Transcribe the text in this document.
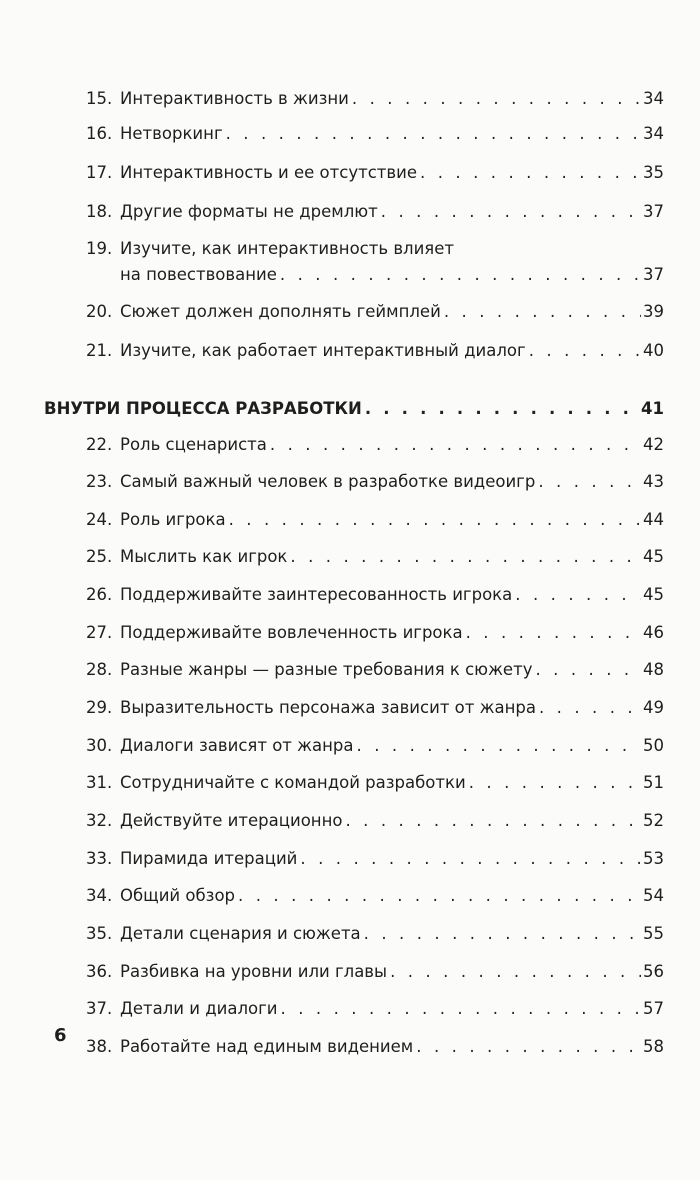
15. Интерактивность в жизни . . .	34
16. Нетворкинг . . .	34
17. Интерактивность и ее отсутствие . . .	35
18. Другие форматы не дремлют . . .	37
19. Изучите, как интерактивность влияет
на повествование . . .	37
20. Сюжет должен дополнять геймплей . . .	39
21. Изучите, как работает интерактивный диалог . . .	40
ВНУТРИ ПРОЦЕССА РАЗРАБОТКИ . . .	41
22. Роль сценариста . . .	42
23. Самый важный человек в разработке видеоигр . . .	43
24. Роль игрока . . .	44
25. Мыслить как игрок . . .	45
26. Поддерживайте заинтересованность игрока . . .	45
27. Поддерживайте вовлеченность игрока . . .	46
28. Разные жанры — разные требования к сюжету . . .	48
29. Выразительность персонажа зависит от жанра . . .	49
30. Диалоги зависят от жанра . . .	50
31. Сотрудничайте с командой разработки . . .	51
32. Действуйте итерационно . . .	52
33. Пирамида итераций . . .	53
34. Общий обзор . . .	54
35. Детали сценария и сюжета . . .	55
36. Разбивка на уровни или главы . . .	56
37. Детали и диалоги . . .	57
38. Работайте над единым видением . . .	58
6
